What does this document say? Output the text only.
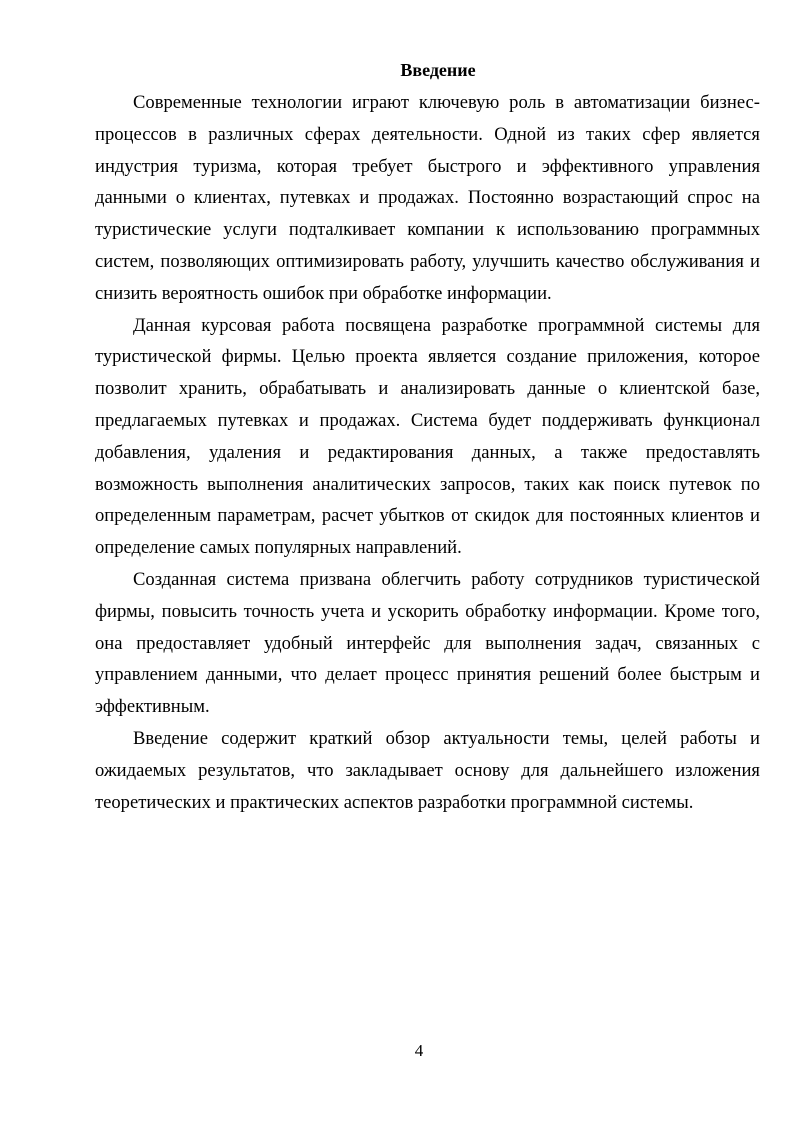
Введение

Современные технологии играют ключевую роль в автоматизации бизнес-процессов в различных сферах деятельности. Одной из таких сфер является индустрия туризма, которая требует быстрого и эффективного управления данными о клиентах, путевках и продажах. Постоянно возрастающий спрос на туристические услуги подталкивает компании к использованию программных систем, позволяющих оптимизировать работу, улучшить качество обслуживания и снизить вероятность ошибок при обработке информации.

Данная курсовая работа посвящена разработке программной системы для туристической фирмы. Целью проекта является создание приложения, которое позволит хранить, обрабатывать и анализировать данные о клиентской базе, предлагаемых путевках и продажах. Система будет поддерживать функционал добавления, удаления и редактирования данных, а также предоставлять возможность выполнения аналитических запросов, таких как поиск путевок по определенным параметрам, расчет убытков от скидок для постоянных клиентов и определение самых популярных направлений.

Созданная система призвана облегчить работу сотрудников туристической фирмы, повысить точность учета и ускорить обработку информации. Кроме того, она предоставляет удобный интерфейс для выполнения задач, связанных с управлением данными, что делает процесс принятия решений более быстрым и эффективным.

Введение содержит краткий обзор актуальности темы, целей работы и ожидаемых результатов, что закладывает основу для дальнейшего изложения теоретических и практических аспектов разработки программной системы.

4
